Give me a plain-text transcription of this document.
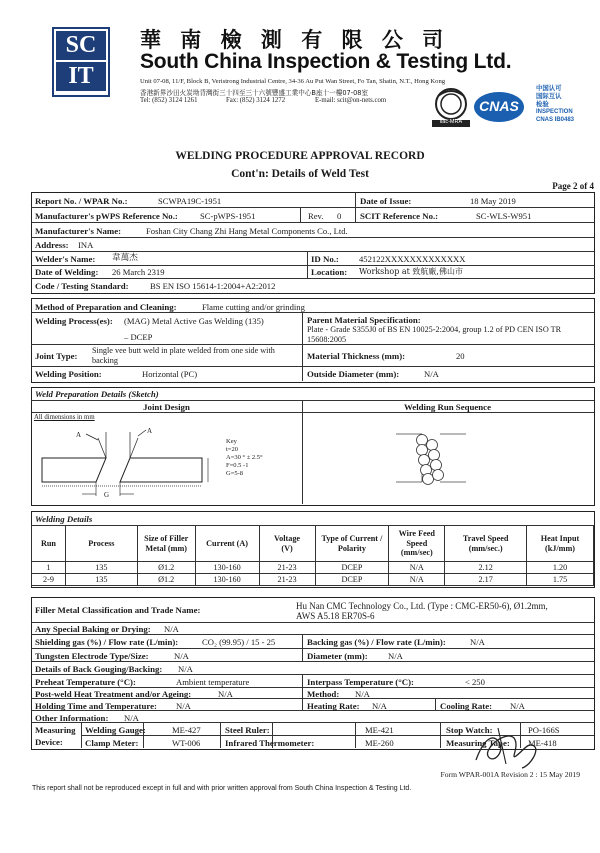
SC
IT
華 南 檢 測 有 限 公 司
South China Inspection & Testing Ltd.
Unit 07-08, 11/F, Block B, Veristrong Industrial Centre, 34-36 Au Pui Wan Street, Fo Tan, Shatin, N.T., Hong Kong
香港新界沙田火炭坳背灣街三十四至三十六號豐盛工業中心B座十一樓07-08室
Tel: (852) 3124 1261	Fax: (852) 3124 1272	E-mail: scit@on-nets.com
ilac-MRA
CNAS
中国认可
国际互认
检验
INSPECTION
CNAS IB0483
WELDING PROCEDURE APPROVAL RECORD
Cont'n: Details of Weld Test
Page 2 of 4
Report No. / WPAR No.:	SCWPA19C-1951	Date of Issue:	18 May 2019
Manufacturer's pWPS Reference No.:	SC-pWPS-1951	Rev. 0 SCIT Reference No.:	SC-WLS-W951
Manufacturer's Name:	Foshan City Chang Zhi Hang Metal Components Co., Ltd.
Address: INA
Welder's Name: 韋萬杰	ID No.: 452122XXXXXXXXXXXXX
Date of Welding: 26 March 2319	Location: Workshop at 致航廠,佛山市
Code / Testing Standard: BS EN ISO 15614-1:2004+A2:2012
Method of Preparation and Cleaning:	Flame cutting and/or grinding
Welding Process(es): (MAG) Metal Active Gas Welding (135)
– DCEP
Parent Material Specification:
Plate - Grade S355J0 of BS EN 10025-2:2004, group 1.2 of PD CEN ISO TR 15608:2005
Joint Type:
Single vee butt weld in plate welded from one side with backing	Material Thickness (mm):	20
Welding Position:	Horizontal (PC)	Outside Diameter (mm):	N/A
Weld Preparation Details (Sketch)
Joint Design	Welding Run Sequence
All dimensions in mm
A	A
G
Key
t=20
A=30 ° ± 2.5°
F=0.5 -1
G=5-8
Welding Details
Run	Process	Size of Filler Metal (mm)	Current (A)	Voltage (V)	Type of Current / Polarity	Wire Feed Speed (mm/sec)	Travel Speed (mm/sec.)	Heat Input (kJ/mm)
1	135	Ø1.2	130-160	21-23	DCEP	N/A	2.12	1.20
2-9	135	Ø1.2	130-160	21-23	DCEP	N/A	2.17	1.75
Filler Metal Classification and Trade Name:	Hu Nan CMC Technology Co., Ltd. (Type : CMC-ER50-6), Ø1.2mm,
AWS A5.18 ER70S-6
Any Special Baking or Drying: N/A
Shielding gas (%) / Flow rate (L/min):	CO₂ (99.95) / 15 - 25	Backing gas (%) / Flow rate (L/min):	N/A
Tungsten Electrode Type/Size:	N/A	Diameter (mm): N/A
Details of Back Gouging/Backing: N/A
Preheat Temperature (°C):	Ambient temperature	Interpass Temperature (°C):	< 250
Post-weld Heat Treatment and/or Ageing:	N/A	Method: N/A
Holding Time and Temperature: N/A	Heating Rate: N/A	Cooling Rate: N/A
Other Information: N/A
Measuring
Device:
Welding Gauge:	ME-427	Steel Ruler:	ME-421	Stop Watch:	PO-166S
Clamp Meter:	WT-006	Infrared Thermometer:	ME-260	Measuring Tape: ME-418
Form WPAR-001A Revision 2 : 15 May 2019
This report shall not be reproduced except in full and with prior written approval from South China Inspection & Testing Ltd.
